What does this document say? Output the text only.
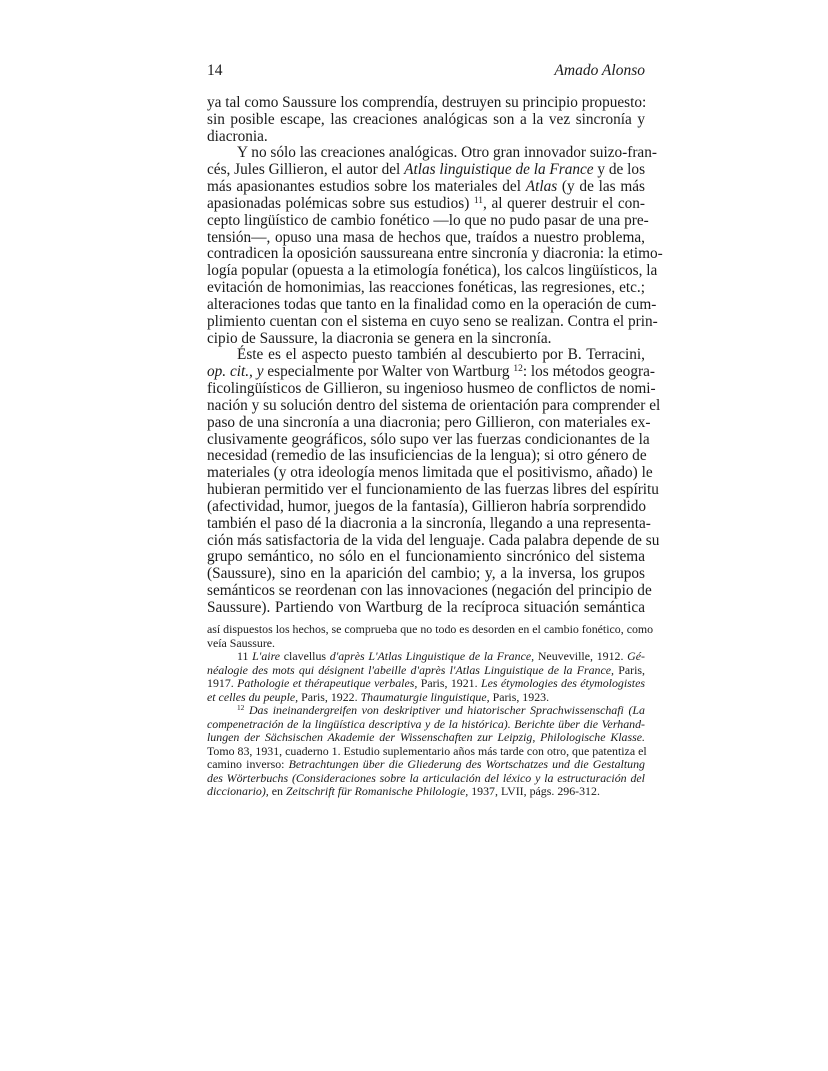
14	Amado Alonso
ya tal como Saussure los comprendía, destruyen su principio propuesto:
sin posible escape, las creaciones analógicas son a la vez sincronía y
diacronia.
Y no sólo las creaciones analógicas. Otro gran innovador suizo-fran-
cés, Jules Gillieron, el autor del Atlas linguistique de la France y de los
más apasionantes estudios sobre los materiales del Atlas (y de las más
apasionadas polémicas sobre sus estudios) $^{11}$, al querer destruir el con-
cepto lingüístico de cambio fonético —lo que no pudo pasar de una pre-
tensión—, opuso una masa de hechos que, traídos a nuestro problema,
contradicen la oposición saussureana entre sincronía y diacronia: la etimo-
logía popular (opuesta a la etimología fonética), los calcos lingüísticos, la
evitación de homonimias, las reacciones fonéticas, las regresiones, etc.;
alteraciones todas que tanto en la finalidad como en la operación de cum-
plimiento cuentan con el sistema en cuyo seno se realizan. Contra el prin-
cipio de Saussure, la diacronia se genera en la sincronía.
Éste es el aspecto puesto también al descubierto por B. Terracini,
op. cit., y especialmente por Walter von Wartburg $^{12}$: los métodos geogra-
ficolingüísticos de Gillieron, su ingenioso husmeo de conflictos de nomi-
nación y su solución dentro del sistema de orientación para comprender el
paso de una sincronía a una diacronia; pero Gillieron, con materiales ex-
clusivamente geográficos, sólo supo ver las fuerzas condicionantes de la
necesidad (remedio de las insuficiencias de la lengua); si otro género de
materiales (y otra ideología menos limitada que el positivismo, añado) le
hubieran permitido ver el funcionamiento de las fuerzas libres del espíritu
(afectividad, humor, juegos de la fantasía), Gillieron habría sorprendido
también el paso dé la diacronia a la sincronía, llegando a una representa-
ción más satisfactoria de la vida del lenguaje. Cada palabra depende de su
grupo semántico, no sólo en el funcionamiento sincrónico del sistema
(Saussure), sino en la aparición del cambio; y, a la inversa, los grupos
semánticos se reordenan con las innovaciones (negación del principio de
Saussure). Partiendo von Wartburg de la recíproca situación semántica
así dispuestos los hechos, se comprueba que no todo es desorden en el cambio fonético, como
veía Saussure.
11 L'aire clavellus d'après L'Atlas Linguistique de la France, Neuveville, 1912. Gé-
néalogie des mots qui désignent l'abeille d'après l'Atlas Linguistique de la France, Paris,
1917. Pathologie et thérapeutique verbales, Paris, 1921. Les étymologies des étymologistes
et celles du peuple, Paris, 1922. Thaumaturgie linguistique, Paris, 1923.
$^{12}$ Das ineinandergreifen von deskriptiver und hiatorischer Sprachwissenschafi (La
compenetración de la lingüística descriptiva y de la histórica). Berichte über die Verhand-
lungen der Sächsischen Akademie der Wissenschaften zur Leipzig, Philologische Klasse.
Tomo 83, 1931, cuaderno 1. Estudio suplementario años más tarde con otro, que patentiza el
camino inverso: Betrachtungen über die Gliederung des Wortschatzes und die Gestaltung
des Wörterbuchs (Consideraciones sobre la articulación del léxico y la estructuración del
diccionario), en Zeitschrift für Romanische Philologie, 1937, LVII, págs. 296-312.
